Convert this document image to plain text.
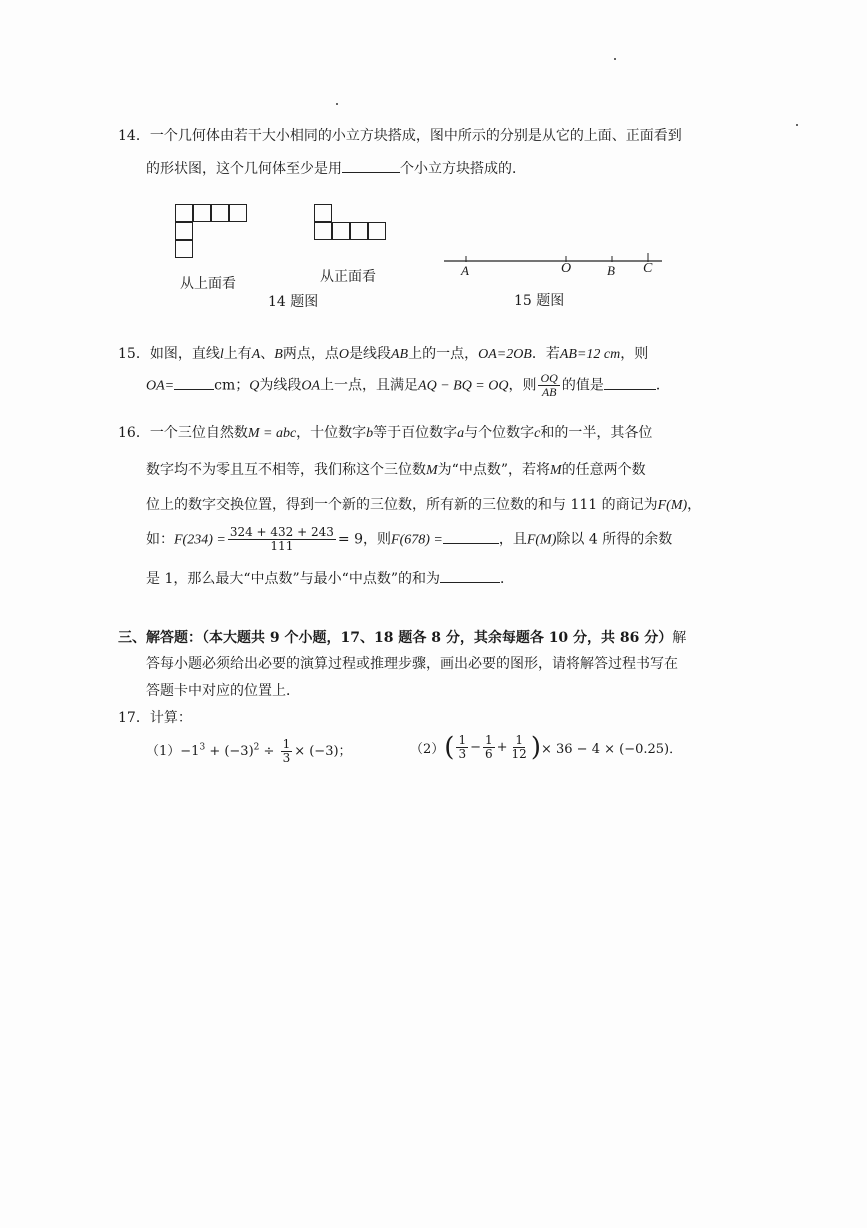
14．一个几何体由若干大小相同的小立方块搭成，图中所示的分别是从它的上面、正面看到
的形状图，这个几何体至少是用	个小立方块搭成的．
从上面看	从正面看
14 题图
A	O	B C
15 题图
15．如图，直线l上有A、B两点，点O是线段AB上的一点，OA=2OB．若AB=12 cm，则
OA=	cm；Q为线段OA上一点，且满足AQ − BQ = OQ，则 $\frac{OQ}{AB}$ 的值是	．
16．一个三位自然数M = abc，十位数字b等于百位数字a与个位数字c和的一半，其各位
数字均不为零且互不相等，我们称这个三位数M为“中点数”，若将M的任意两个数
位上的数字交换位置，得到一个新的三位数，所有新的三位数的和与 111 的商记为F(M)，
如：$F(234) = \frac{324 + 432 + 243}{111} = 9$，则F(678) =	，且F(M)除以 4 所得的余数
是 1，那么最大“中点数”与最小“中点数”的和为	．
三、解答题：（本大题共 9 个小题，17、18 题各 8 分，其余每题各 10 分，共 86 分）解
答每小题必须给出必要的演算过程或推理步骤，画出必要的图形，请将解答过程书写在
答题卡中对应的位置上．
17．计算：
$(1)-1^3 + (-3)^2 \div \frac{1}{3} \times (-3)$；	$(2)( \frac{1}{3} - \frac{1}{6} + \frac{1}{12}$ )× 36 − 4 × (−0.25)．
